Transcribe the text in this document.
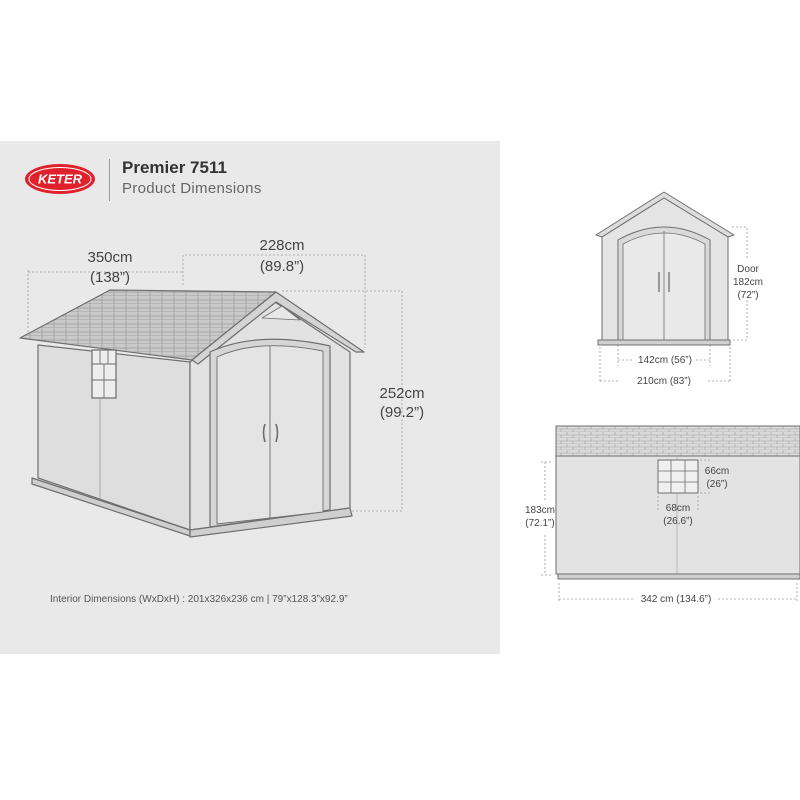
KETER
Premier 7511
Product Dimensions
350cm
(138”)
228cm
(89.8”)
252cm
(99.2”)
Interior Dimensions (WxDxH) : 201x326x236 cm | 79”x128.3”x92.9”
Door
182cm
(72”)
142cm (56”)
210cm (83”)
66cm
(26”)
68cm
(26.6”)
183cm
(72.1”)
342 cm (134.6”)
